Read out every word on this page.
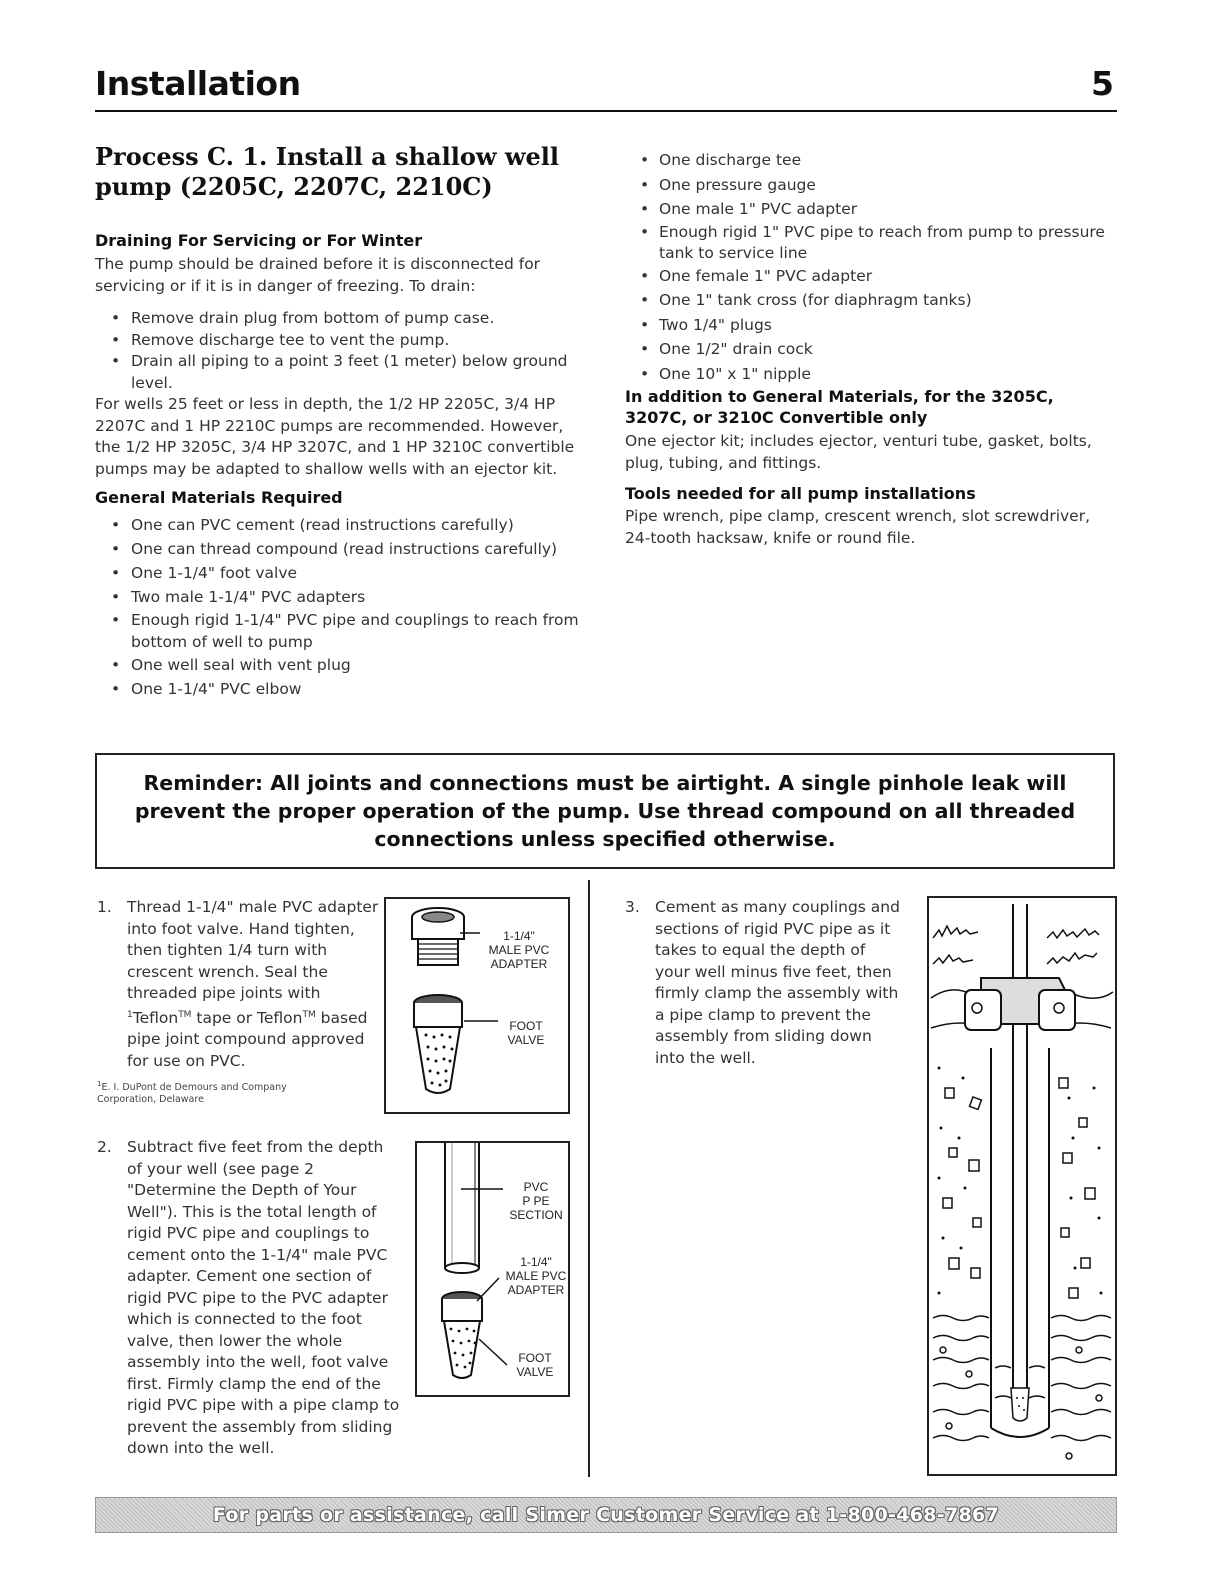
Installation	5
Process C. 1. Install a shallow well pump (2205C, 2207C, 2210C)
Draining For Servicing or For Winter

The pump should be drained before it is disconnected for servicing or if it is in danger of freezing. To drain:

• Remove drain plug from bottom of pump case.
• Remove discharge tee to vent the pump.
• Drain all piping to a point 3 feet (1 meter) below ground level.

For wells 25 feet or less in depth, the 1/2 HP 2205C, 3/4 HP 2207C and 1 HP 2210C pumps are recommended. However, the 1/2 HP 3205C, 3/4 HP 3207C, and 1 HP 3210C convertible pumps may be adapted to shallow wells with an ejector kit.

General Materials Required
• One can PVC cement (read instructions carefully)
• One can thread compound (read instructions carefully)
• One 1-1/4" foot valve
• Two male 1-1/4" PVC adapters
• Enough rigid 1-1/4" PVC pipe and couplings to reach from bottom of well to pump
• One well seal with vent plug
• One 1-1/4" PVC elbow
• One discharge tee
• One pressure gauge
• One male 1" PVC adapter
• Enough rigid 1" PVC pipe to reach from pump to pressure tank to service line
• One female 1" PVC adapter
• One 1" tank cross (for diaphragm tanks)
• Two 1/4" plugs
• One 1/2" drain cock
• One 10" x 1" nipple
In addition to General Materials, for the 3205C, 3207C, or 3210C Convertible only

One ejector kit; includes ejector, venturi tube, gasket, bolts, plug, tubing, and fittings.

Tools needed for all pump installations

Pipe wrench, pipe clamp, crescent wrench, slot screwdriver, 24-tooth hacksaw, knife or round file.

Reminder: All joints and connections must be airtight. A single pinhole leak will prevent the proper operation of the pump. Use thread compound on all threaded connections unless specified otherwise.
1. Thread 1-1/4" male PVC adapter into foot valve. Hand tighten, then tighten 1/4 turn with crescent wrench. Seal the threaded pipe joints with $^1$Teflon™ tape or Teflon™ based pipe joint compound approved for use on PVC.
$^1$E. I. DuPont de Demours and Company Corporation, Delaware
1-1/4"
MALE PVC
ADAPTER
FOOT
VALVE
2. Subtract five feet from the depth of your well (see page 2 "Determine the Depth of Your Well"). This is the total length of rigid PVC pipe and couplings to cement onto the 1-1/4" male PVC adapter. Cement one section of rigid PVC pipe to the PVC adapter which is connected to the foot valve, then lower the whole assembly into the well, foot valve first. Firmly clamp the end of the rigid PVC pipe with a pipe clamp to prevent the assembly from sliding down into the well.
PVC
P PE
SECTION
1-1/4"
MALE PVC
ADAPTER
FOOT
VALVE
3. Cement as many couplings and sections of rigid PVC pipe as it takes to equal the depth of your well minus five feet, then firmly clamp the assembly with a pipe clamp to prevent the assembly from sliding down into the well.
For parts or assistance, call Simer Customer Service at 1-800-468-7867
